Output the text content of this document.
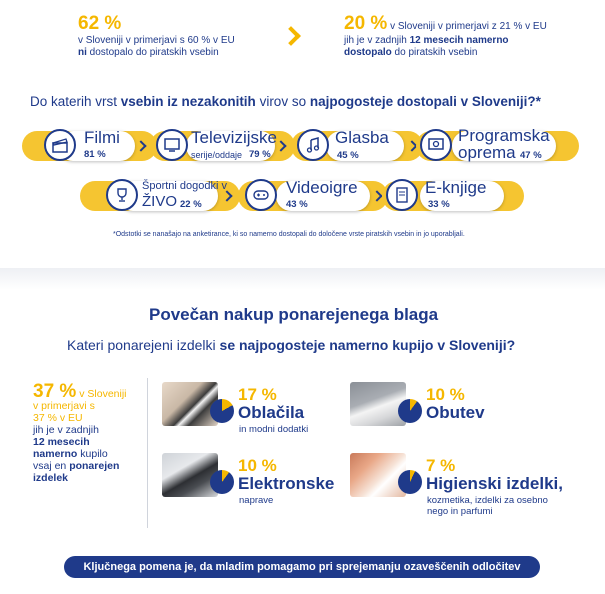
62 %
v Sloveniji v primerjavi s 60 % v EU
ni dostopalo do piratskih vsebin
20 % v Sloveniji v primerjavi z 21 % v EU
jih je v zadnjih 12 mesecih namerno
dostopalo do piratskih vsebin
Do katerih vrst vsebin iz nezakonitih virov so najpogosteje dostopali v Sloveniji?*
Filmi
81 %
Televizijske
serije/oddaje 79 %
Glasba
45 %
Programska
oprema 47 %
Športni dogodki v
ŽIVO 22 %
Videoigre
43 %
E-knjige
33 %
*Odstotki se nanašajo na anketirance, ki so namerno dostopali do določene vrste piratskih vsebin in jo uporabljali.
Povečan nakup ponarejenega blaga
Kateri ponarejeni izdelki se najpogosteje namerno kupijo v Sloveniji?
37 % v Sloveniji
v primerjavi s
37 % v EU
jih je v zadnjih
12 mesecih
namerno kupilo
vsaj en ponarejen
izdelek
17 %
Oblačila
in modni dodatki
10 %
Obutev
10 %
Elektronske
naprave
7 %
Higienski izdelki,
kozmetika, izdelki za osebno
nego in parfumi
Ključnega pomena je, da mladim pomagamo pri sprejemanju ozaveščenih odločitev
